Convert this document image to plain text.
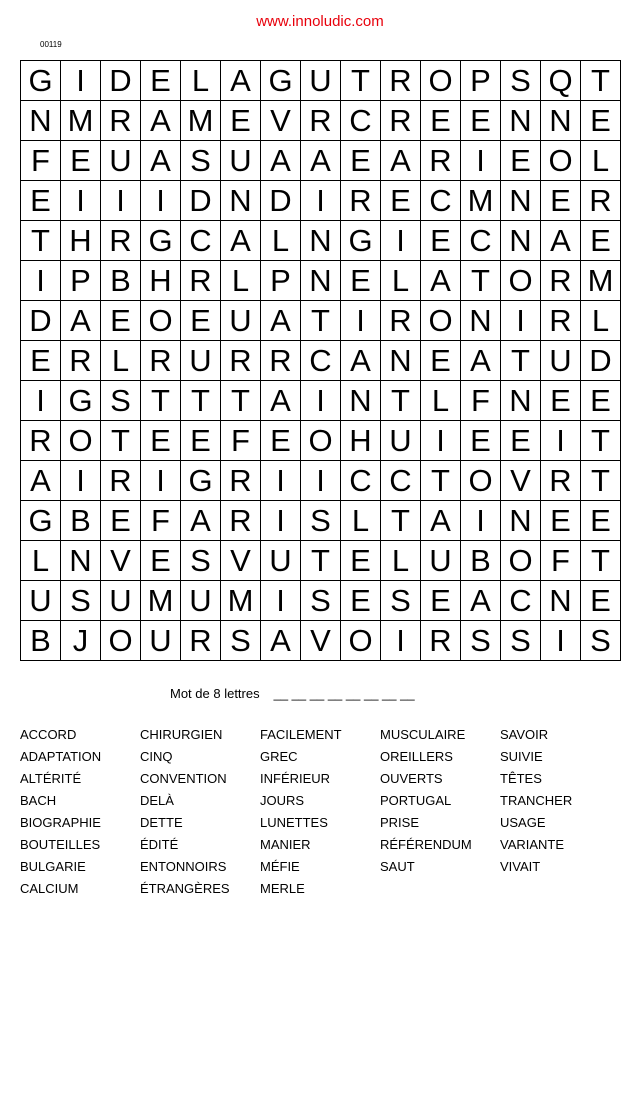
www.innoludic.com
00119
G I D E L A G U T R O P S Q T
N M R A M E V R C R E E N N E
F E U A S U A A E A R I E O L
E I	I	I D N D I R E C M N E R
T H R G C A L N G I E C N A E
I P B H R L P N E L A T O R M
D A E O E U A T I R O N I R L
E R L R U R R C A N E A T U D
I G S T T T A I N T L F N E E
R O T E E F E O H U I E E I T
A I R I G R I	I C C T O V R T
G B E F A R I S L T A I N E E
L N V E S V U T E L U B O F T
U S U M U M I S E S E A C N E
B J O U R S A V O I R S S I S
Mot de 8 lettres __ __ __ __ __ __ __ __
ACCORD
ADAPTATION
ALTÉRITÉ
BACH
BIOGRAPHIE
BOUTEILLES
BULGARIE
CALCIUM
CHIRURGIEN
CINQ
CONVENTION
DELÀ
DETTE
ÉDITÉ
ENTONNOIRS
ÉTRANGÈRES
FACILEMENT
GREC
INFÉRIEUR
JOURS
LUNETTES
MANIER
MÉFIE
MERLE
MUSCULAIRE
OREILLERS
OUVERTS
PORTUGAL
PRISE
RÉFÉRENDUM
SAUT
SAVOIR
SUIVIE
TÊTES
TRANCHER
USAGE
VARIANTE
VIVAIT
